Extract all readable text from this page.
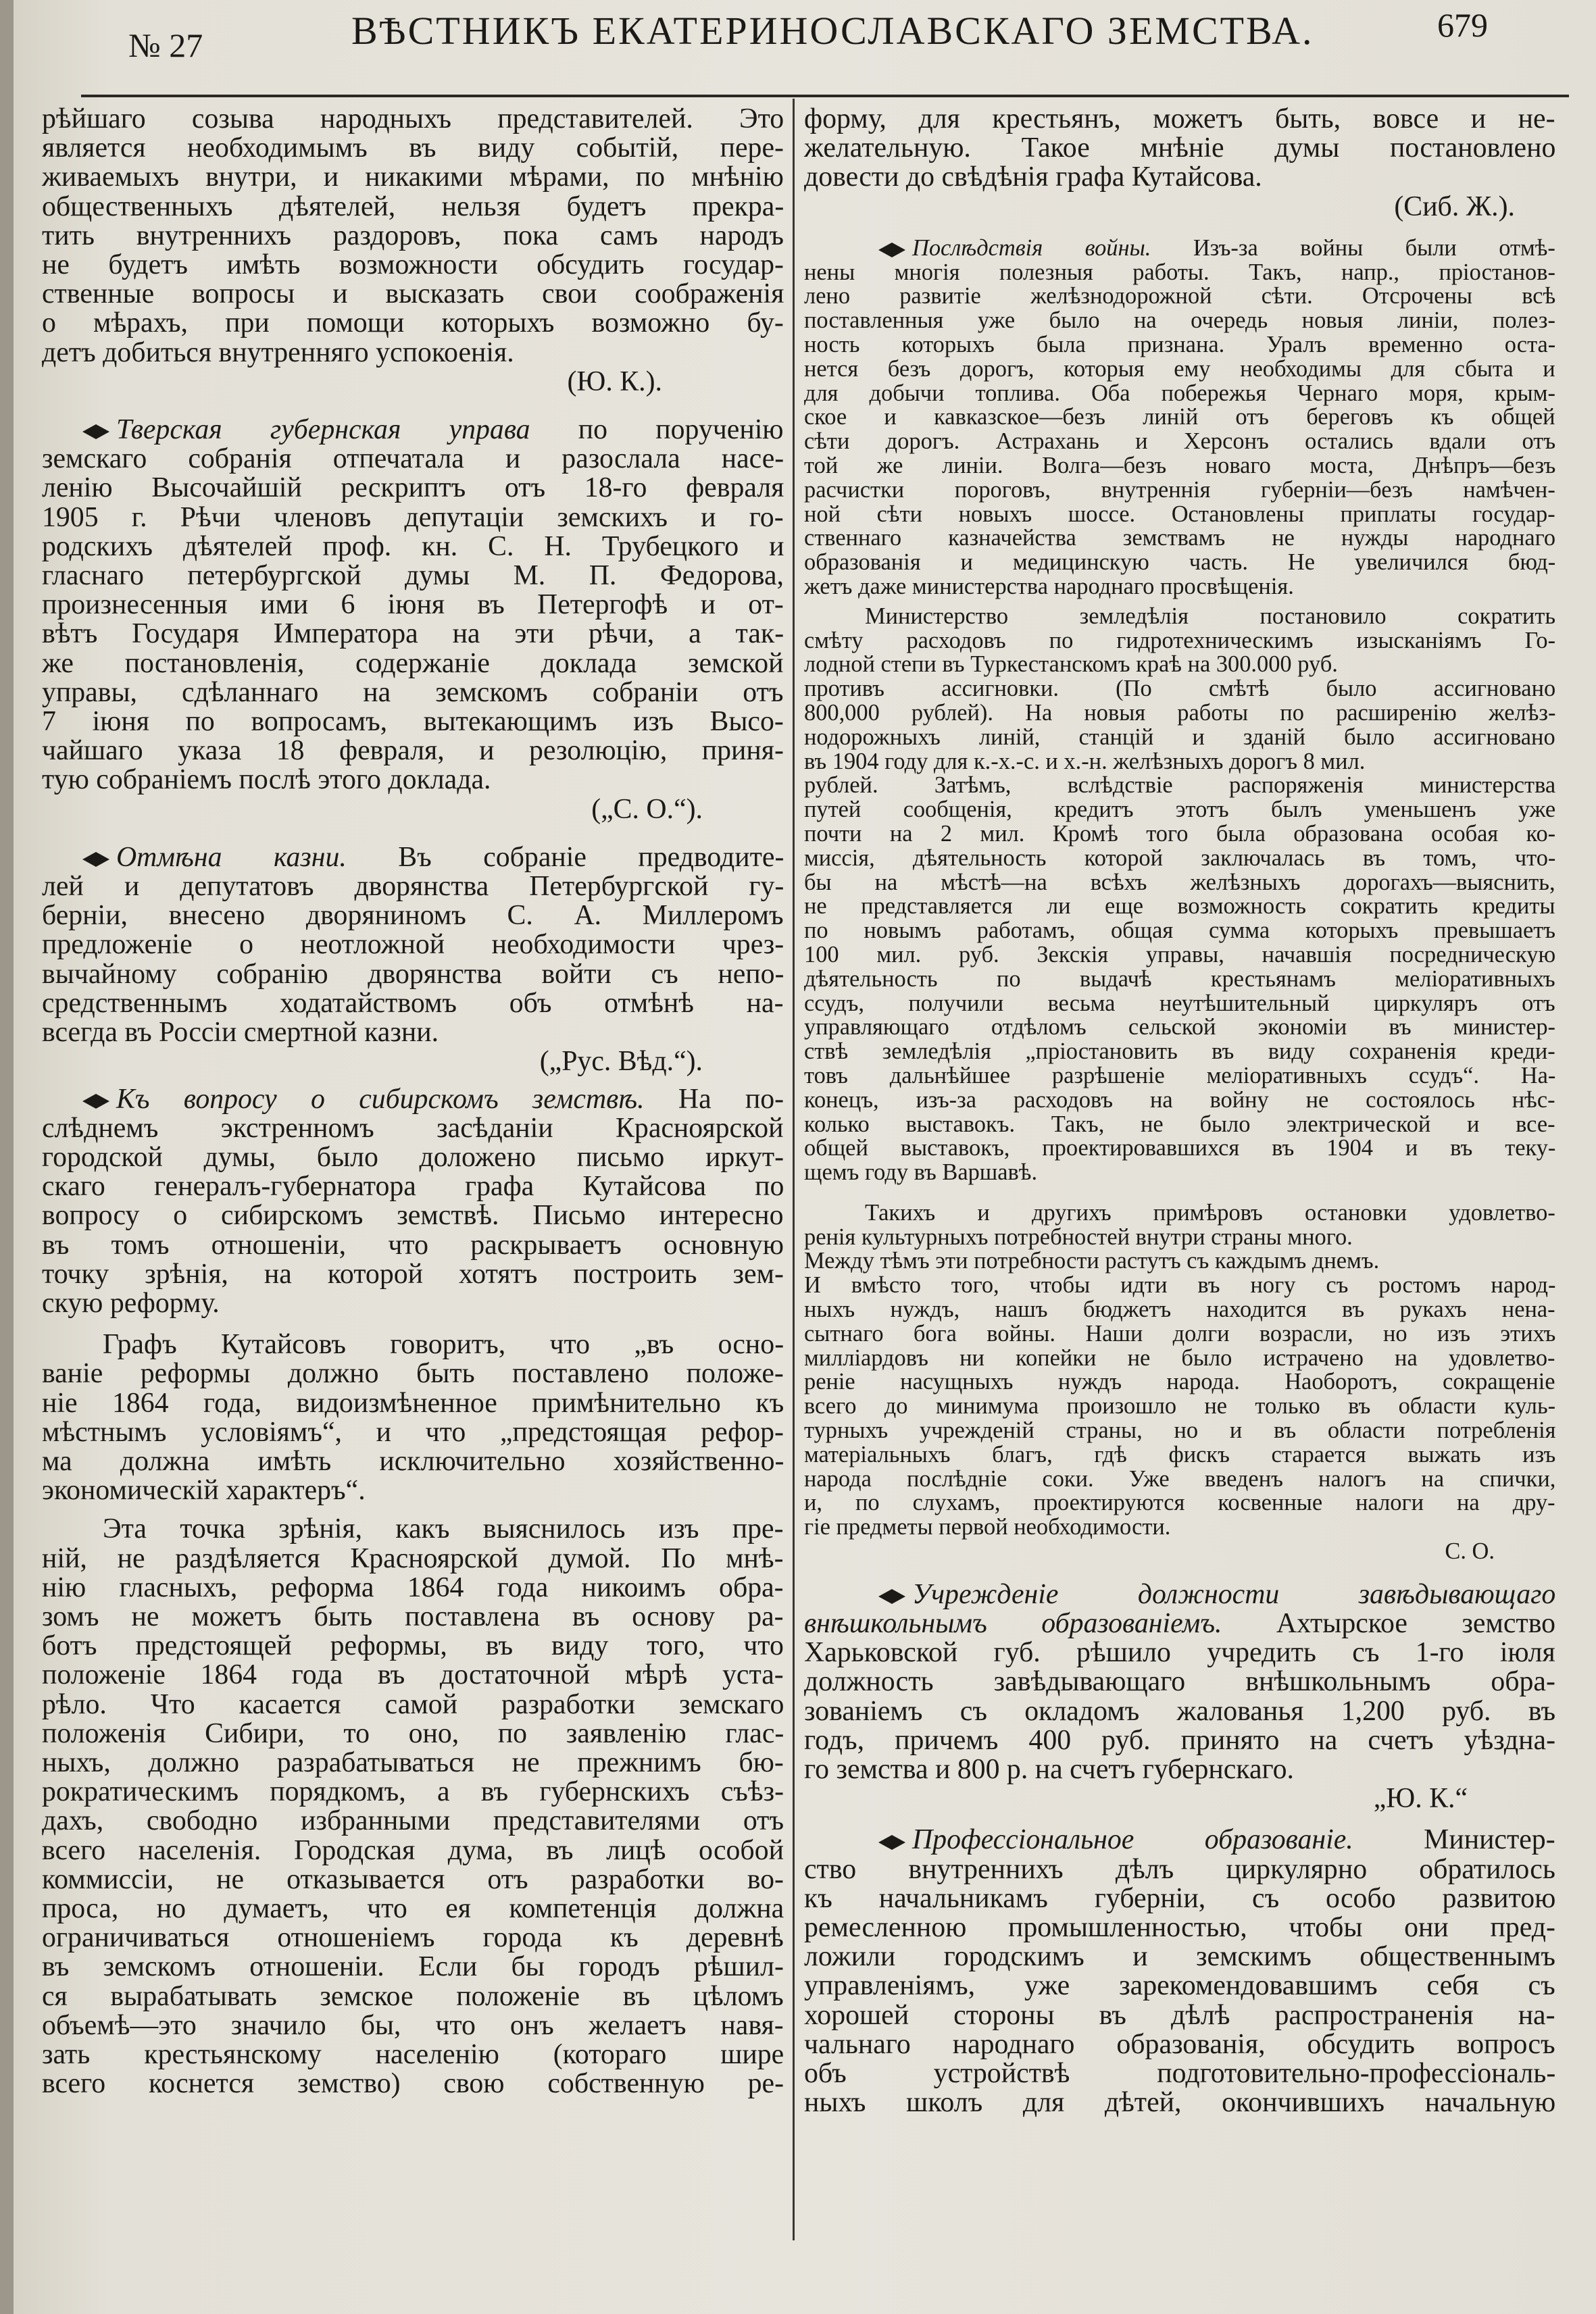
№ 27	ВѢСТНИКЪ ЕКАТЕРИНОСЛАВСКАГО ЗЕМСТВА.	679
рѣйшаго созыва народныхъ представителей. Это
является необходимымъ въ виду событій, пере-
живаемыхъ внутри, и никакими мѣрами, по мнѣнію
общественныхъ дѣятелей, нельзя будетъ прекра-
тить внутреннихъ раздоровъ, пока самъ народъ
не будетъ имѣть возможности обсудить государ-
ственные вопросы и высказать свои соображенія
о мѣрахъ, при помощи которыхъ возможно бу-
детъ добиться внутренняго успокоенія.
(Ю. К.).
Тверская губернская управа по порученію
земскаго собранія отпечатала и разослала насе-
ленію Высочайшій рескриптъ отъ 18-го февраля
1905 г. Рѣчи членовъ депутаціи земскихъ и го-
родскихъ дѣятелей проф. кн. С. Н. Трубецкого и
гласнаго петербургской думы М. П. Федорова,
произнесенныя ими 6 іюня въ Петергофѣ и от-
вѣтъ Государя Императора на эти рѣчи, а так-
же постановленія, содержаніе доклада земской
управы, сдѣланнаго на земскомъ собраніи отъ
7 іюня по вопросамъ, вытекающимъ изъ Высо-
чайшаго указа 18 февраля, и резолюцію, приня-
тую собраніемъ послѣ этого доклада.
(„С. О.“).
Отмѣна казни. Въ собраніе предводите-
лей и депутатовъ дворянства Петербургской гу-
берніи, внесено дворяниномъ С. А. Миллеромъ
предложеніе о неотложной необходимости чрез-
вычайному собранію дворянства войти съ непо-
средственнымъ ходатайствомъ объ отмѣнѣ на-
всегда въ Россіи смертной казни.
(„Рус. Вѣд.“).
Къ вопросу о сибирскомъ земствѣ. На по-
слѣднемъ экстренномъ засѣданіи Красноярской
городской думы, было доложено письмо иркут-
скаго генералъ-губернатора графа Кутайсова по
вопросу о сибирскомъ земствѣ. Письмо интересно
въ томъ отношеніи, что раскрываетъ основную
точку зрѣнія, на которой хотятъ построить зем-
скую реформу.
Графъ Кутайсовъ говоритъ, что „въ осно-
ваніе реформы должно быть поставлено положе-
ніе 1864 года, видоизмѣненное примѣнительно къ
мѣстнымъ условіямъ“, и что „предстоящая рефор-
ма должна имѣть исключительно хозяйственно-
экономическій характеръ“.
Эта точка зрѣнія, какъ выяснилось изъ пре-
ній, не раздѣляется Красноярской думой. По мнѣ-
нію гласныхъ, реформа 1864 года никоимъ обра-
зомъ не можетъ быть поставлена въ основу ра-
ботъ предстоящей реформы, въ виду того, что
положеніе 1864 года въ достаточной мѣрѣ уста-
рѣло. Что касается самой разработки земскаго
положенія Сибири, то оно, по заявленію глас-
ныхъ, должно разрабатываться не прежнимъ бю-
рократическимъ порядкомъ, а въ губернскихъ съѣз-
дахъ, свободно избранными представителями отъ
всего населенія. Городская дума, въ лицѣ особой
коммиссіи, не отказывается отъ разработки во-
проса, но думаетъ, что ея компетенція должна
ограничиваться отношеніемъ города къ деревнѣ
въ земскомъ отношеніи. Если бы городъ рѣшил-
ся вырабатывать земское положеніе въ цѣломъ
объемѣ—это значило бы, что онъ желаетъ навя-
зать крестьянскому населенію (котораго шире
всего коснется земство) свою собственную ре-
форму, для крестьянъ, можетъ быть, вовсе и не-
желательную. Такое мнѣніе думы постановлено
довести до свѣдѣнія графа Кутайсова.
(Сиб. Ж.).
Послѣдствія войны. Изъ-за войны были отмѣ-
нены многія полезныя работы. Такъ, напр., пріостанов-
лено развитіе желѣзнодорожной сѣти. Отсрочены всѣ
поставленныя уже было на очередь новыя линіи, полез-
ность которыхъ была признана. Уралъ временно оста-
нется безъ дорогъ, которыя ему необходимы для сбыта и
для добычи топлива. Оба побережья Чернаго моря, крым-
ское и кавказское—безъ линій отъ береговъ къ общей
сѣти дорогъ. Астрахань и Херсонъ остались вдали отъ
той же линіи. Волга—безъ новаго моста, Днѣпръ—безъ
расчистки пороговъ, внутреннія губерніи—безъ намѣчен-
ной сѣти новыхъ шоссе. Остановлены приплаты государ-
ственнаго казначейства земствамъ не нужды народнаго
образованія и медицинскую часть. Не увеличился бюд-
жетъ даже министерства народнаго просвѣщенія.
Министерство земледѣлія постановило сократить
смѣту расходовъ по гидротехническимъ изысканіямъ Го-
лодной степи въ Туркестанскомъ краѣ на 300.000 руб.
противъ ассигновки. (По смѣтѣ было ассигновано
800,000 рублей). На новыя работы по расширенію желѣз-
нодорожныхъ линій, станцій и зданій было ассигновано
въ 1904 году для к.-х.-с. и х.-н. желѣзныхъ дорогъ 8 мил.
рублей. Затѣмъ, вслѣдствіе распоряженія министерства
путей сообщенія, кредитъ этотъ былъ уменьшенъ уже
почти на 2 мил. Кромѣ того была образована особая ко-
миссія, дѣятельность которой заключалась въ томъ, что-
бы на мѣстѣ—на всѣхъ желѣзныхъ дорогахъ—выяснить,
не представляется ли еще возможность сократить кредиты
по новымъ работамъ, общая сумма которыхъ превышаетъ
100 мил. руб. Зекскія управы, начавшія посредническую
дѣятельность по выдачѣ крестьянамъ меліоративныхъ
ссудъ, получили весьма неутѣшительный циркуляръ отъ
управляющаго отдѣломъ сельской экономіи въ министер-
ствѣ земледѣлія „пріостановить въ виду сохраненія креди-
товъ дальнѣйшее разрѣшеніе меліоративныхъ ссудъ“. На-
конецъ, изъ-за расходовъ на войну не состоялось нѣс-
колько выставокъ. Такъ, не было электрической и все-
общей выставокъ, проектировавшихся въ 1904 и въ теку-
щемъ году въ Варшавѣ.
Такихъ и другихъ примѣровъ остановки удовлетво-
ренія культурныхъ потребностей внутри страны много.
Между тѣмъ эти потребности растутъ съ каждымъ днемъ.
И вмѣсто того, чтобы идти въ ногу съ ростомъ народ-
ныхъ нуждъ, нашъ бюджетъ находится въ рукахъ нена-
сытнаго бога войны. Наши долги возрасли, но изъ этихъ
милліардовъ ни копейки не было истрачено на удовлетво-
реніе насущныхъ нуждъ народа. Наоборотъ, сокращеніе
всего до минимума произошло не только въ области куль-
турныхъ учрежденій страны, но и въ области потребленія
матеріальныхъ благъ, гдѣ фискъ старается выжать изъ
народа послѣдніе соки. Уже введенъ налогъ на спички,
и, по слухамъ, проектируются косвенные налоги на дру-
гіе предметы первой необходимости.
С. О.
Учрежденіе должности завѣдывающаго
внѣшкольнымъ образованіемъ. Ахтырское земство
Харьковской губ. рѣшило учредить съ 1-го іюля
должность завѣдывающаго внѣшкольнымъ обра-
зованіемъ съ окладомъ жалованья 1,200 руб. въ
годъ, причемъ 400 руб. принято на счетъ уѣздна-
го земства и 800 р. на счетъ губернскаго.
„Ю. К.“
Профессіональное образованіе. Министер-
ство внутреннихъ дѣлъ циркулярно обратилось
къ начальникамъ губерніи, съ особо развитою
ремесленною промышленностью, чтобы они пред-
ложили городскимъ и земскимъ общественнымъ
управленіямъ, уже зарекомендовавшимъ себя съ
хорошей стороны въ дѣлѣ распространенія на-
чальнаго народнаго образованія, обсудить вопросъ
объ устройствѣ подготовительно-профессіональ-
ныхъ школъ для дѣтей, окончившихъ начальную
